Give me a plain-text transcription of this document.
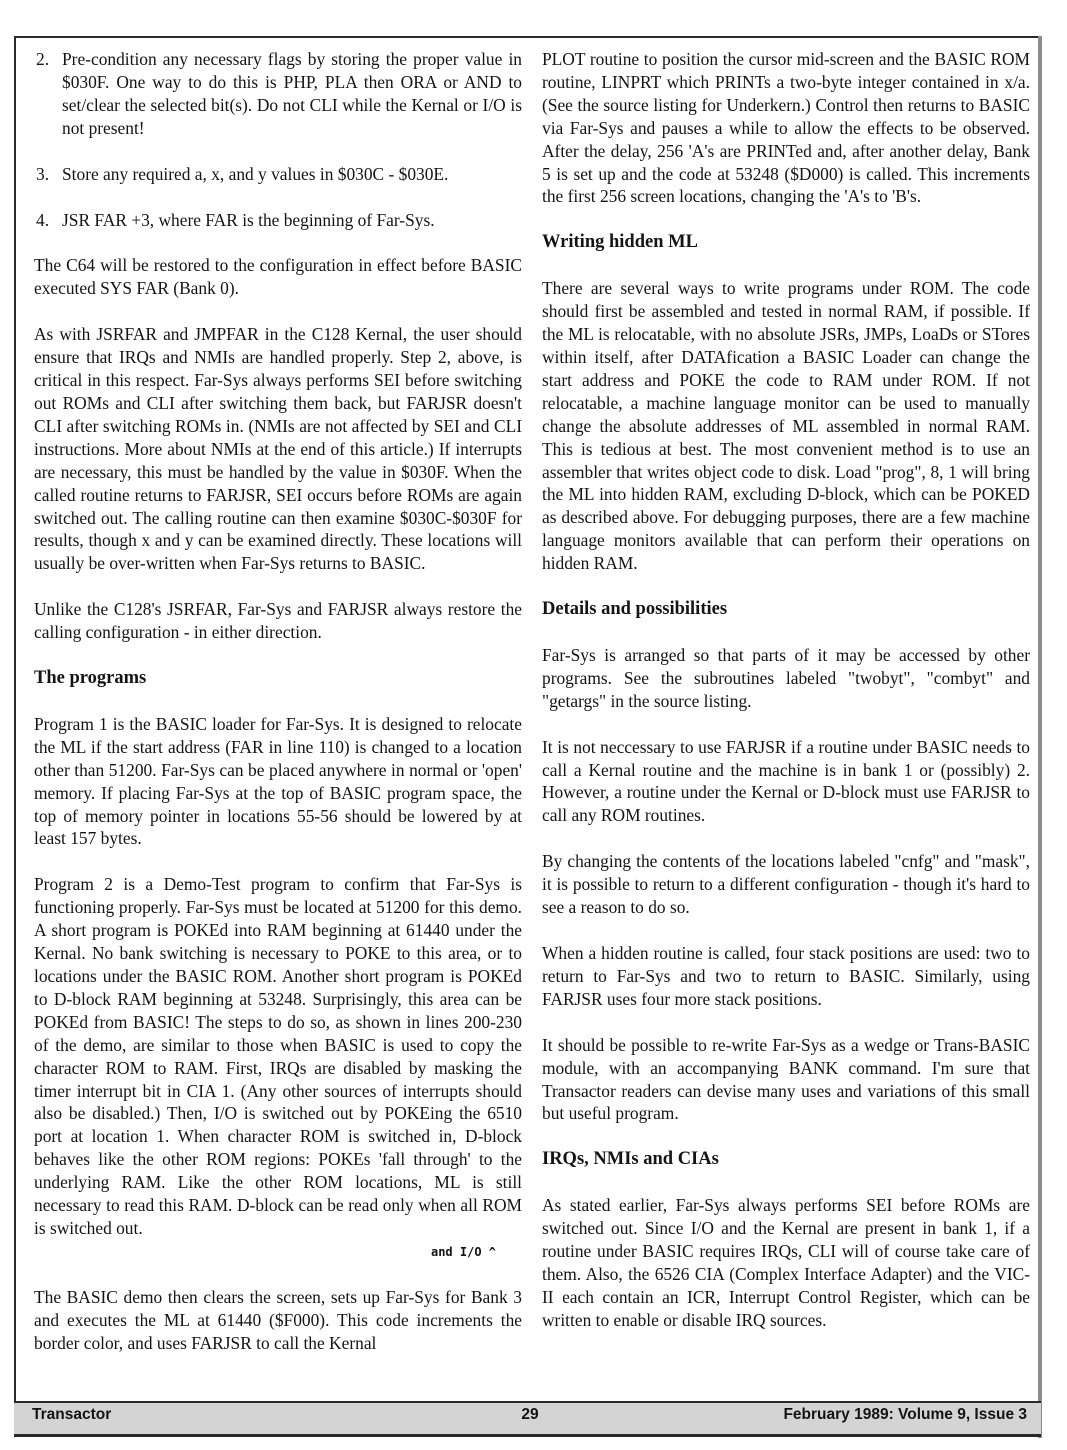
2. Pre-condition any necessary flags by storing the proper value in $030F. One way to do this is PHP, PLA then ORA or AND to set/clear the selected bit(s). Do not CLI while the Kernal or I/O is not present!
3. Store any required a, x, and y values in $030C - $030E.
4. JSR FAR +3, where FAR is the beginning of Far-Sys.

The C64 will be restored to the configuration in effect before BASIC executed SYS FAR (Bank 0).

As with JSRFAR and JMPFAR in the C128 Kernal, the user should ensure that IRQs and NMIs are handled properly. Step 2, above, is critical in this respect. Far-Sys always performs SEI before switching out ROMs and CLI after switching them back, but FARJSR doesn't CLI after switching ROMs in. (NMIs are not affected by SEI and CLI instructions. More about NMIs at the end of this article.) If interrupts are necessary, this must be handled by the value in $030F. When the called routine returns to FARJSR, SEI occurs before ROMs are again switched out. The calling routine can then examine $030C-$030F for results, though x and y can be examined directly. These locations will usually be over-written when Far-Sys returns to BASIC.

Unlike the C128's JSRFAR, Far-Sys and FARJSR always restore the calling configuration - in either direction.

The programs

Program 1 is the BASIC loader for Far-Sys. It is designed to relocate the ML if the start address (FAR in line 110) is changed to a location other than 51200. Far-Sys can be placed anywhere in normal or 'open' memory. If placing Far-Sys at the top of BASIC program space, the top of memory pointer in locations 55-56 should be lowered by at least 157 bytes.

Program 2 is a Demo-Test program to confirm that Far-Sys is functioning properly. Far-Sys must be located at 51200 for this demo. A short program is POKEd into RAM beginning at 61440 under the Kernal. No bank switching is necessary to POKE to this area, or to locations under the BASIC ROM. Another short program is POKEd to D-block RAM beginning at 53248. Surprisingly, this area can be POKEd from BASIC! The steps to do so, as shown in lines 200-230 of the demo, are similar to those when BASIC is used to copy the character ROM to RAM. First, IRQs are disabled by masking the timer interrupt bit in CIA 1. (Any other sources of interrupts should also be disabled.) Then, I/O is switched out by POKEing the 6510 port at location 1. When character ROM is switched in, D-block behaves like the other ROM regions: POKEs 'fall through' to the underlying RAM. Like the other ROM locations, ML is still necessary to read this RAM. D-block can be read only when all ROM is switched out.

and I/O ^

The BASIC demo then clears the screen, sets up Far-Sys for Bank 3 and executes the ML at 61440 ($F000). This code increments the border color, and uses FARJSR to call the Kernal

PLOT routine to position the cursor mid-screen and the BASIC ROM routine, LINPRT which PRINTs a two-byte integer contained in x/a. (See the source listing for Underkern.) Control then returns to BASIC via Far-Sys and pauses a while to allow the effects to be observed. After the delay, 256 'A's are PRINTed and, after another delay, Bank 5 is set up and the code at 53248 ($D000) is called. This increments the first 256 screen locations, changing the 'A's to 'B's.

Writing hidden ML

There are several ways to write programs under ROM. The code should first be assembled and tested in normal RAM, if possible. If the ML is relocatable, with no absolute JSRs, JMPs, LoaDs or STores within itself, after DATAfication a BASIC Loader can change the start address and POKE the code to RAM under ROM. If not relocatable, a machine language monitor can be used to manually change the absolute addresses of ML assembled in normal RAM. This is tedious at best. The most convenient method is to use an assembler that writes object code to disk. Load "prog", 8, 1 will bring the ML into hidden RAM, excluding D-block, which can be POKED as described above. For debugging purposes, there are a few machine language monitors available that can perform their operations on hidden RAM.

Details and possibilities

Far-Sys is arranged so that parts of it may be accessed by other programs. See the subroutines labeled "twobyt", "combyt" and "getargs" in the source listing.

It is not neccessary to use FARJSR if a routine under BASIC needs to call a Kernal routine and the machine is in bank 1 or (possibly) 2. However, a routine under the Kernal or D-block must use FARJSR to call any ROM routines.

By changing the contents of the locations labeled "cnfg" and "mask", it is possible to return to a different configuration - though it's hard to see a reason to do so.

When a hidden routine is called, four stack positions are used: two to return to Far-Sys and two to return to BASIC. Similarly, using FARJSR uses four more stack positions.

It should be possible to re-write Far-Sys as a wedge or Trans-BASIC module, with an accompanying BANK command. I'm sure that Transactor readers can devise many uses and variations of this small but useful program.

IRQs, NMIs and CIAs

As stated earlier, Far-Sys always performs SEI before ROMs are switched out. Since I/O and the Kernal are present in bank 1, if a routine under BASIC requires IRQs, CLI will of course take care of them. Also, the 6526 CIA (Complex Interface Adapter) and the VIC-II each contain an ICR, Interrupt Control Register, which can be written to enable or disable IRQ sources.

Transactor	29	February 1989: Volume 9, Issue 3
